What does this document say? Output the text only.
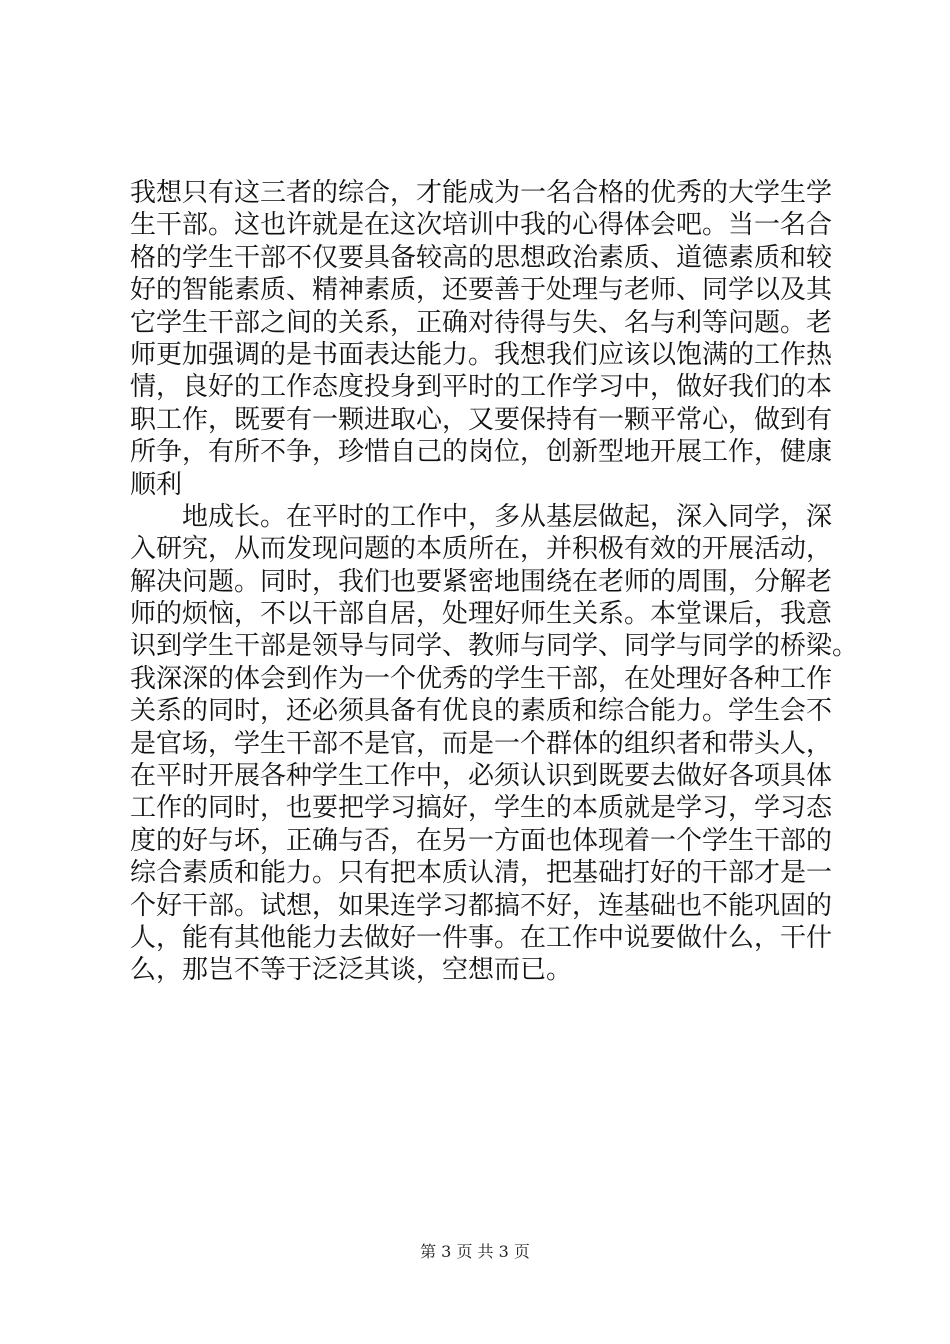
我想只有这三者的综合，才能成为一名合格的优秀的大学生学
生干部。这也许就是在这次培训中我的心得体会吧。当一名合
格的学生干部不仅要具备较高的思想政治素质、道德素质和较
好的智能素质、精神素质，还要善于处理与老师、同学以及其
它学生干部之间的关系，正确对待得与失、名与利等问题。老
师更加强调的是书面表达能力。我想我们应该以饱满的工作热
情，良好的工作态度投身到平时的工作学习中，做好我们的本
职工作，既要有一颗进取心，又要保持有一颗平常心，做到有
所争，有所不争，珍惜自己的岗位，创新型地开展工作，健康
顺利
地成长。在平时的工作中，多从基层做起，深入同学，深
入研究，从而发现问题的本质所在，并积极有效的开展活动，
解决问题。同时，我们也要紧密地围绕在老师的周围，分解老
师的烦恼，不以干部自居，处理好师生关系。本堂课后，我意
识到学生干部是领导与同学、教师与同学、同学与同学的桥梁。
我深深的体会到作为一个优秀的学生干部，在处理好各种工作
关系的同时，还必须具备有优良的素质和综合能力。学生会不
是官场，学生干部不是官，而是一个群体的组织者和带头人，
在平时开展各种学生工作中，必须认识到既要去做好各项具体
工作的同时，也要把学习搞好，学生的本质就是学习，学习态
度的好与坏，正确与否，在另一方面也体现着一个学生干部的
综合素质和能力。只有把本质认清，把基础打好的干部才是一
个好干部。试想，如果连学习都搞不好，连基础也不能巩固的
人，能有其他能力去做好一件事。在工作中说要做什么，干什
么，那岂不等于泛泛其谈，空想而已。
第 3 页 共 3 页
